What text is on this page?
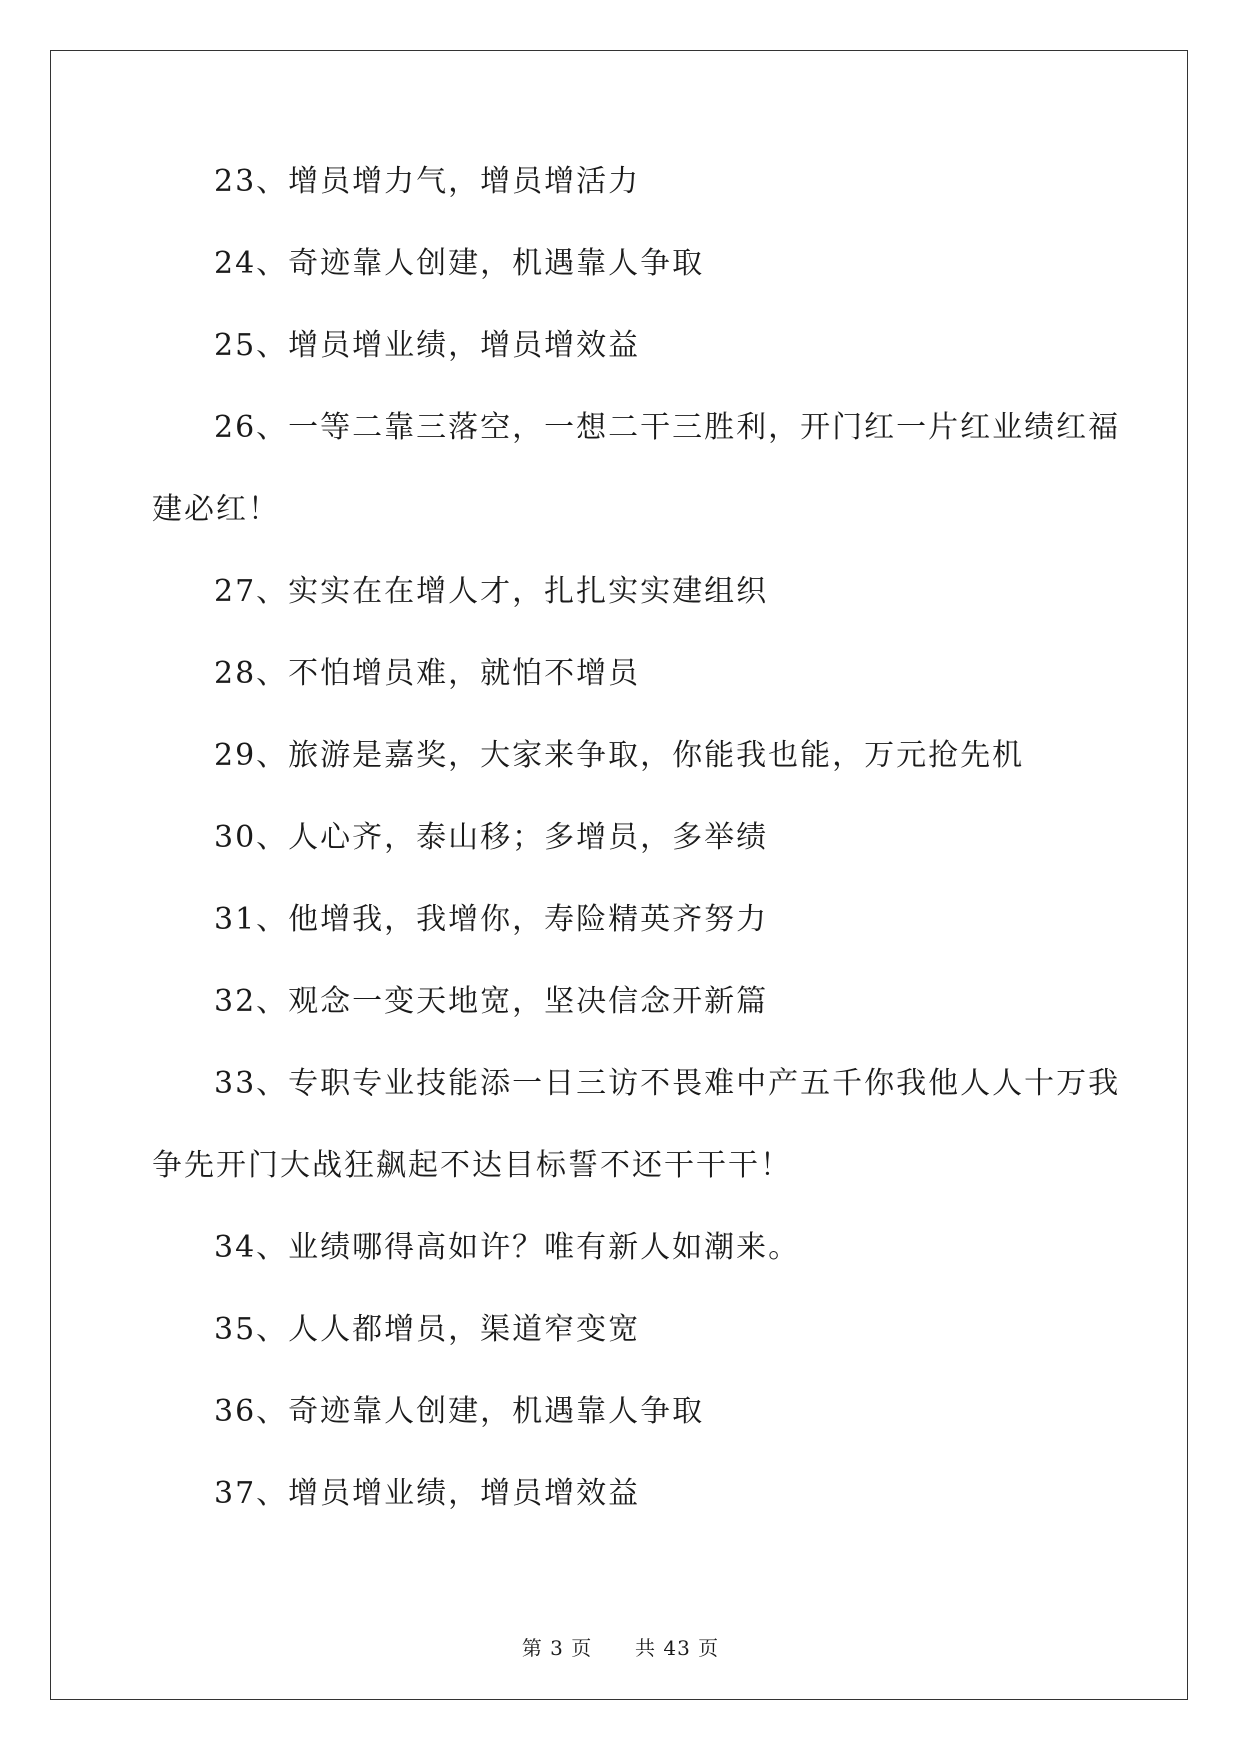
23、增员增力气，增员增活力
24、奇迹靠人创建，机遇靠人争取
25、增员增业绩，增员增效益
26、一等二靠三落空，一想二干三胜利，开门红一片红业绩红福
建必红！
27、实实在在增人才，扎扎实实建组织
28、不怕增员难，就怕不增员
29、旅游是嘉奖，大家来争取，你能我也能，万元抢先机
30、人心齐，泰山移；多增员，多举绩
31、他增我，我增你，寿险精英齐努力
32、观念一变天地宽，坚决信念开新篇
33、专职专业技能添一日三访不畏难中产五千你我他人人十万我
争先开门大战狂飙起不达目标誓不还干干干！
34、业绩哪得高如许？唯有新人如潮来。
35、人人都增员，渠道窄变宽
36、奇迹靠人创建，机遇靠人争取
37、增员增业绩，增员增效益
第 3 页 共 43 页
